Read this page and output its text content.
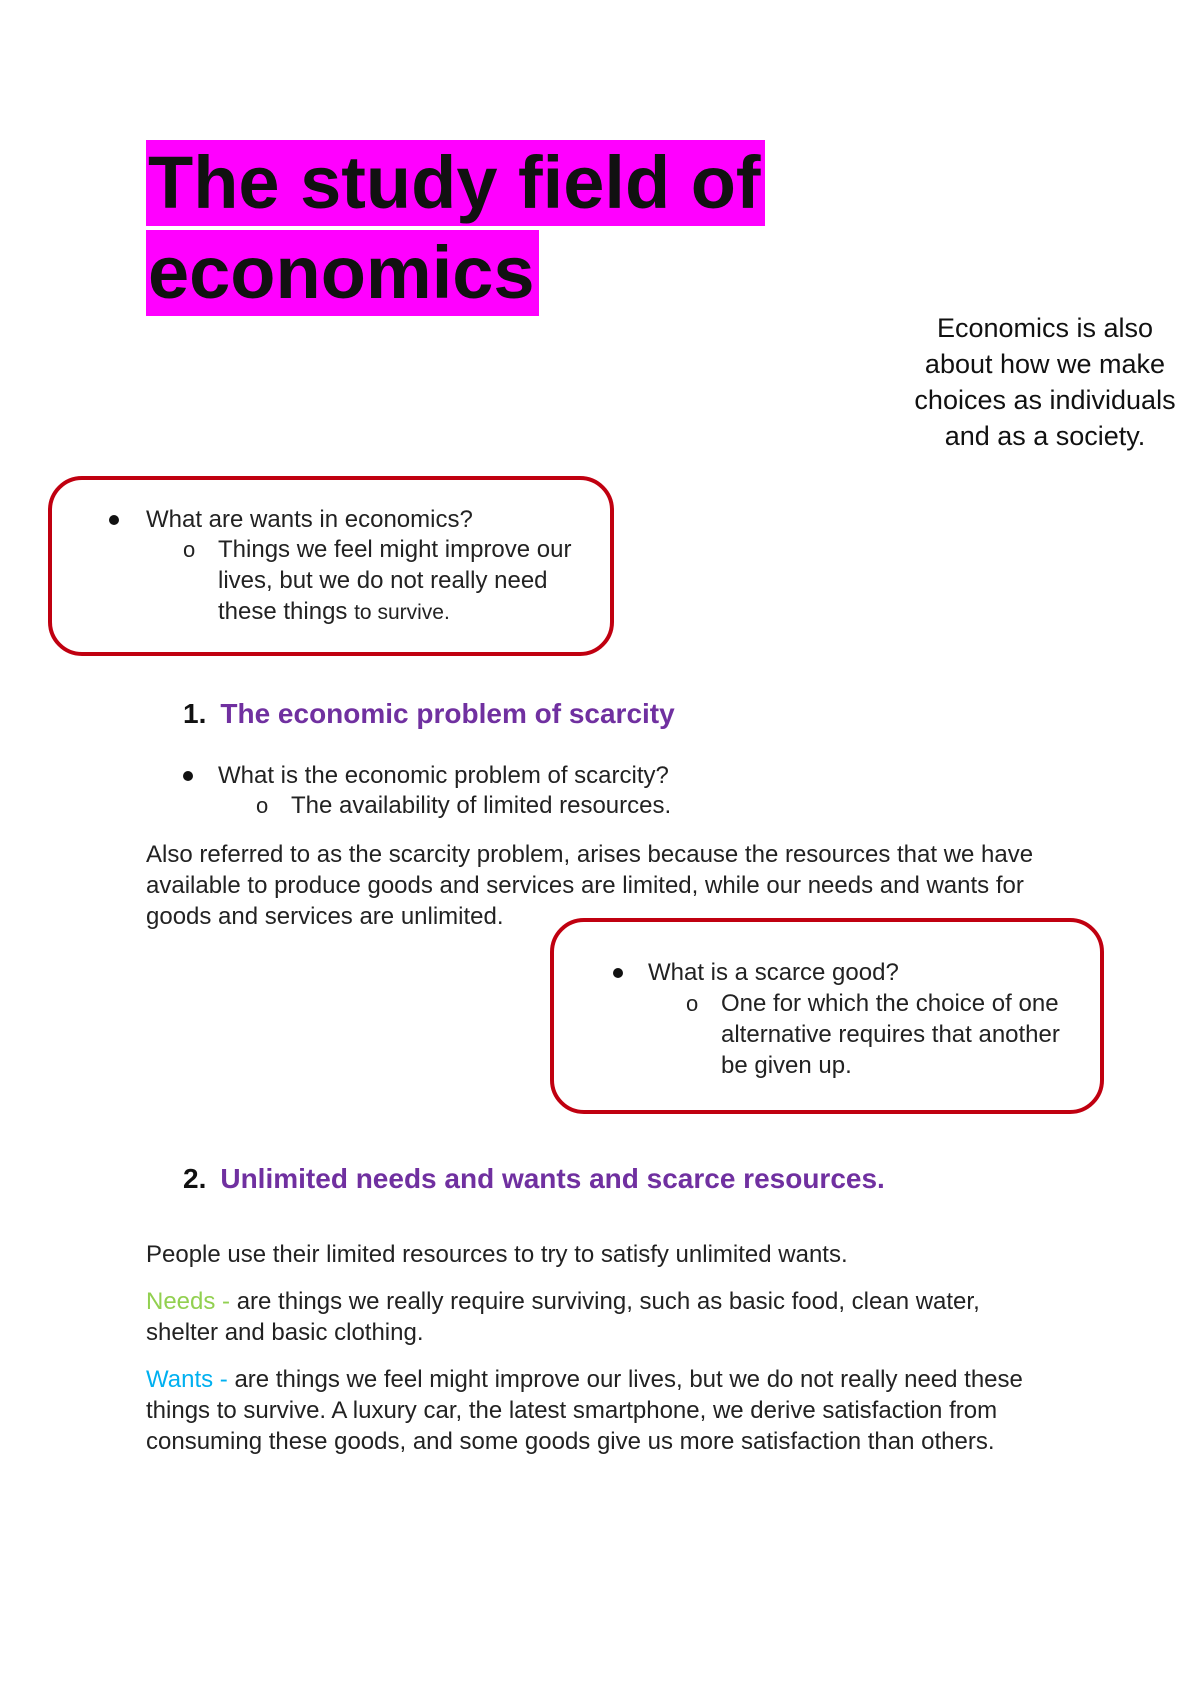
The study field of
economics
Economics is also
about how we make
choices as individuals
and as a society.
What are wants in economics?
o Things we feel might improve our
lives, but we do not really need
these things to survive.
1. The economic problem of scarcity
What is the economic problem of scarcity?
o The availability of limited resources.
Also referred to as the scarcity problem, arises because the resources that we have
available to produce goods and services are limited, while our needs and wants for
goods and services are unlimited.
What is a scarce good?
o One for which the choice of one
alternative requires that another
be given up.
2. Unlimited needs and wants and scarce resources.
People use their limited resources to try to satisfy unlimited wants.
Needs - are things we really require surviving, such as basic food, clean water,
shelter and basic clothing.
Wants - are things we feel might improve our lives, but we do not really need these
things to survive. A luxury car, the latest smartphone, we derive satisfaction from
consuming these goods, and some goods give us more satisfaction than others.
